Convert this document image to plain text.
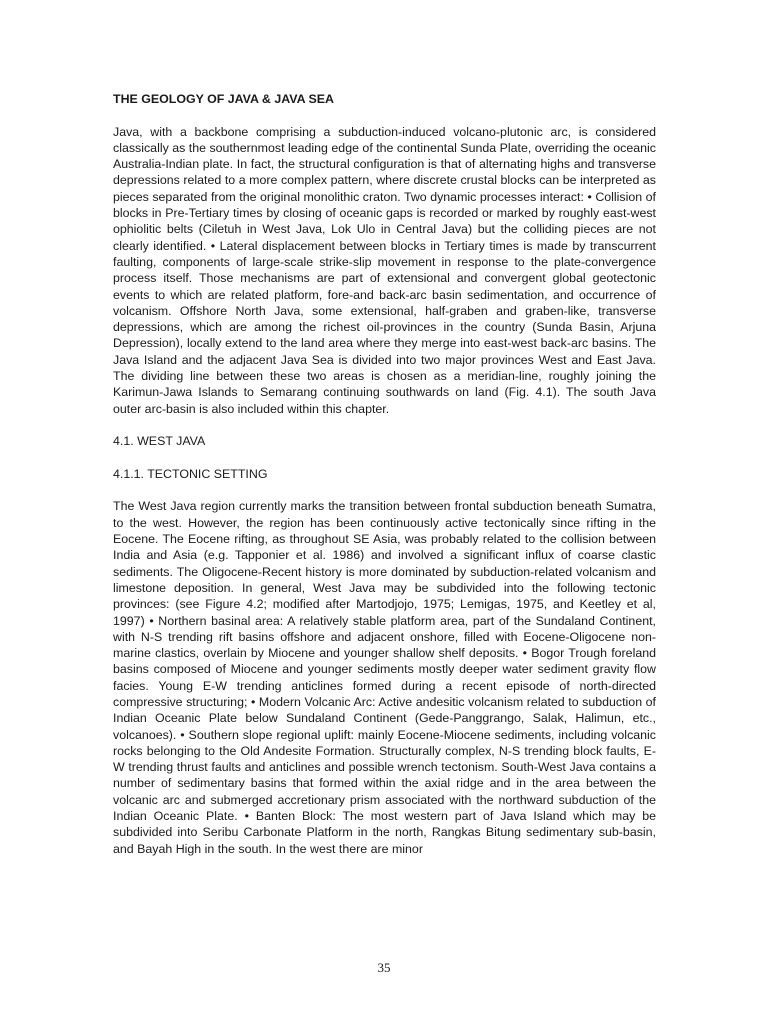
THE GEOLOGY OF JAVA & JAVA SEA
Java, with a backbone comprising a subduction-induced volcano-plutonic arc, is considered classically as the southernmost leading edge of the continental Sunda Plate, overriding the oceanic Australia-Indian plate. In fact, the structural configuration is that of alternating highs and transverse depressions related to a more complex pattern, where discrete crustal blocks can be interpreted as pieces separated from the original monolithic craton. Two dynamic processes interact: • Collision of blocks in Pre-Tertiary times by closing of oceanic gaps is recorded or marked by roughly east-west ophiolitic belts (Ciletuh in West Java, Lok Ulo in Central Java) but the colliding pieces are not clearly identified. • Lateral displacement between blocks in Tertiary times is made by transcurrent faulting, components of large-scale strike-slip movement in response to the plate-convergence process itself. Those mechanisms are part of extensional and convergent global geotectonic events to which are related platform, fore-and back-arc basin sedimentation, and occurrence of volcanism. Offshore North Java, some extensional, half-graben and graben-like, transverse depressions, which are among the richest oil-provinces in the country (Sunda Basin, Arjuna Depression), locally extend to the land area where they merge into east-west back-arc basins. The Java Island and the adjacent Java Sea is divided into two major provinces West and East Java. The dividing line between these two areas is chosen as a meridian-line, roughly joining the Karimun-Jawa Islands to Semarang continuing southwards on land (Fig. 4.1). The south Java outer arc-basin is also included within this chapter.
4.1. WEST JAVA
4.1.1. TECTONIC SETTING
The West Java region currently marks the transition between frontal subduction beneath Sumatra, to the west. However, the region has been continuously active tectonically since rifting in the Eocene. The Eocene rifting, as throughout SE Asia, was probably related to the collision between India and Asia (e.g. Tapponier et al. 1986) and involved a significant influx of coarse clastic sediments. The Oligocene-Recent history is more dominated by subduction-related volcanism and limestone deposition. In general, West Java may be subdivided into the following tectonic provinces: (see Figure 4.2; modified after Martodjojo, 1975; Lemigas, 1975, and Keetley et al, 1997) • Northern basinal area: A relatively stable platform area, part of the Sundaland Continent, with N-S trending rift basins offshore and adjacent onshore, filled with Eocene-Oligocene non-marine clastics, overlain by Miocene and younger shallow shelf deposits. • Bogor Trough foreland basins composed of Miocene and younger sediments mostly deeper water sediment gravity flow facies. Young E-W trending anticlines formed during a recent episode of north-directed compressive structuring; • Modern Volcanic Arc: Active andesitic volcanism related to subduction of Indian Oceanic Plate below Sundaland Continent (Gede-Panggrango, Salak, Halimun, etc., volcanoes). • Southern slope regional uplift: mainly Eocene-Miocene sediments, including volcanic rocks belonging to the Old Andesite Formation. Structurally complex, N-S trending block faults, E-W trending thrust faults and anticlines and possible wrench tectonism. South-West Java contains a number of sedimentary basins that formed within the axial ridge and in the area between the volcanic arc and submerged accretionary prism associated with the northward subduction of the Indian Oceanic Plate. • Banten Block: The most western part of Java Island which may be subdivided into Seribu Carbonate Platform in the north, Rangkas Bitung sedimentary sub-basin, and Bayah High in the south. In the west there are minor
35
